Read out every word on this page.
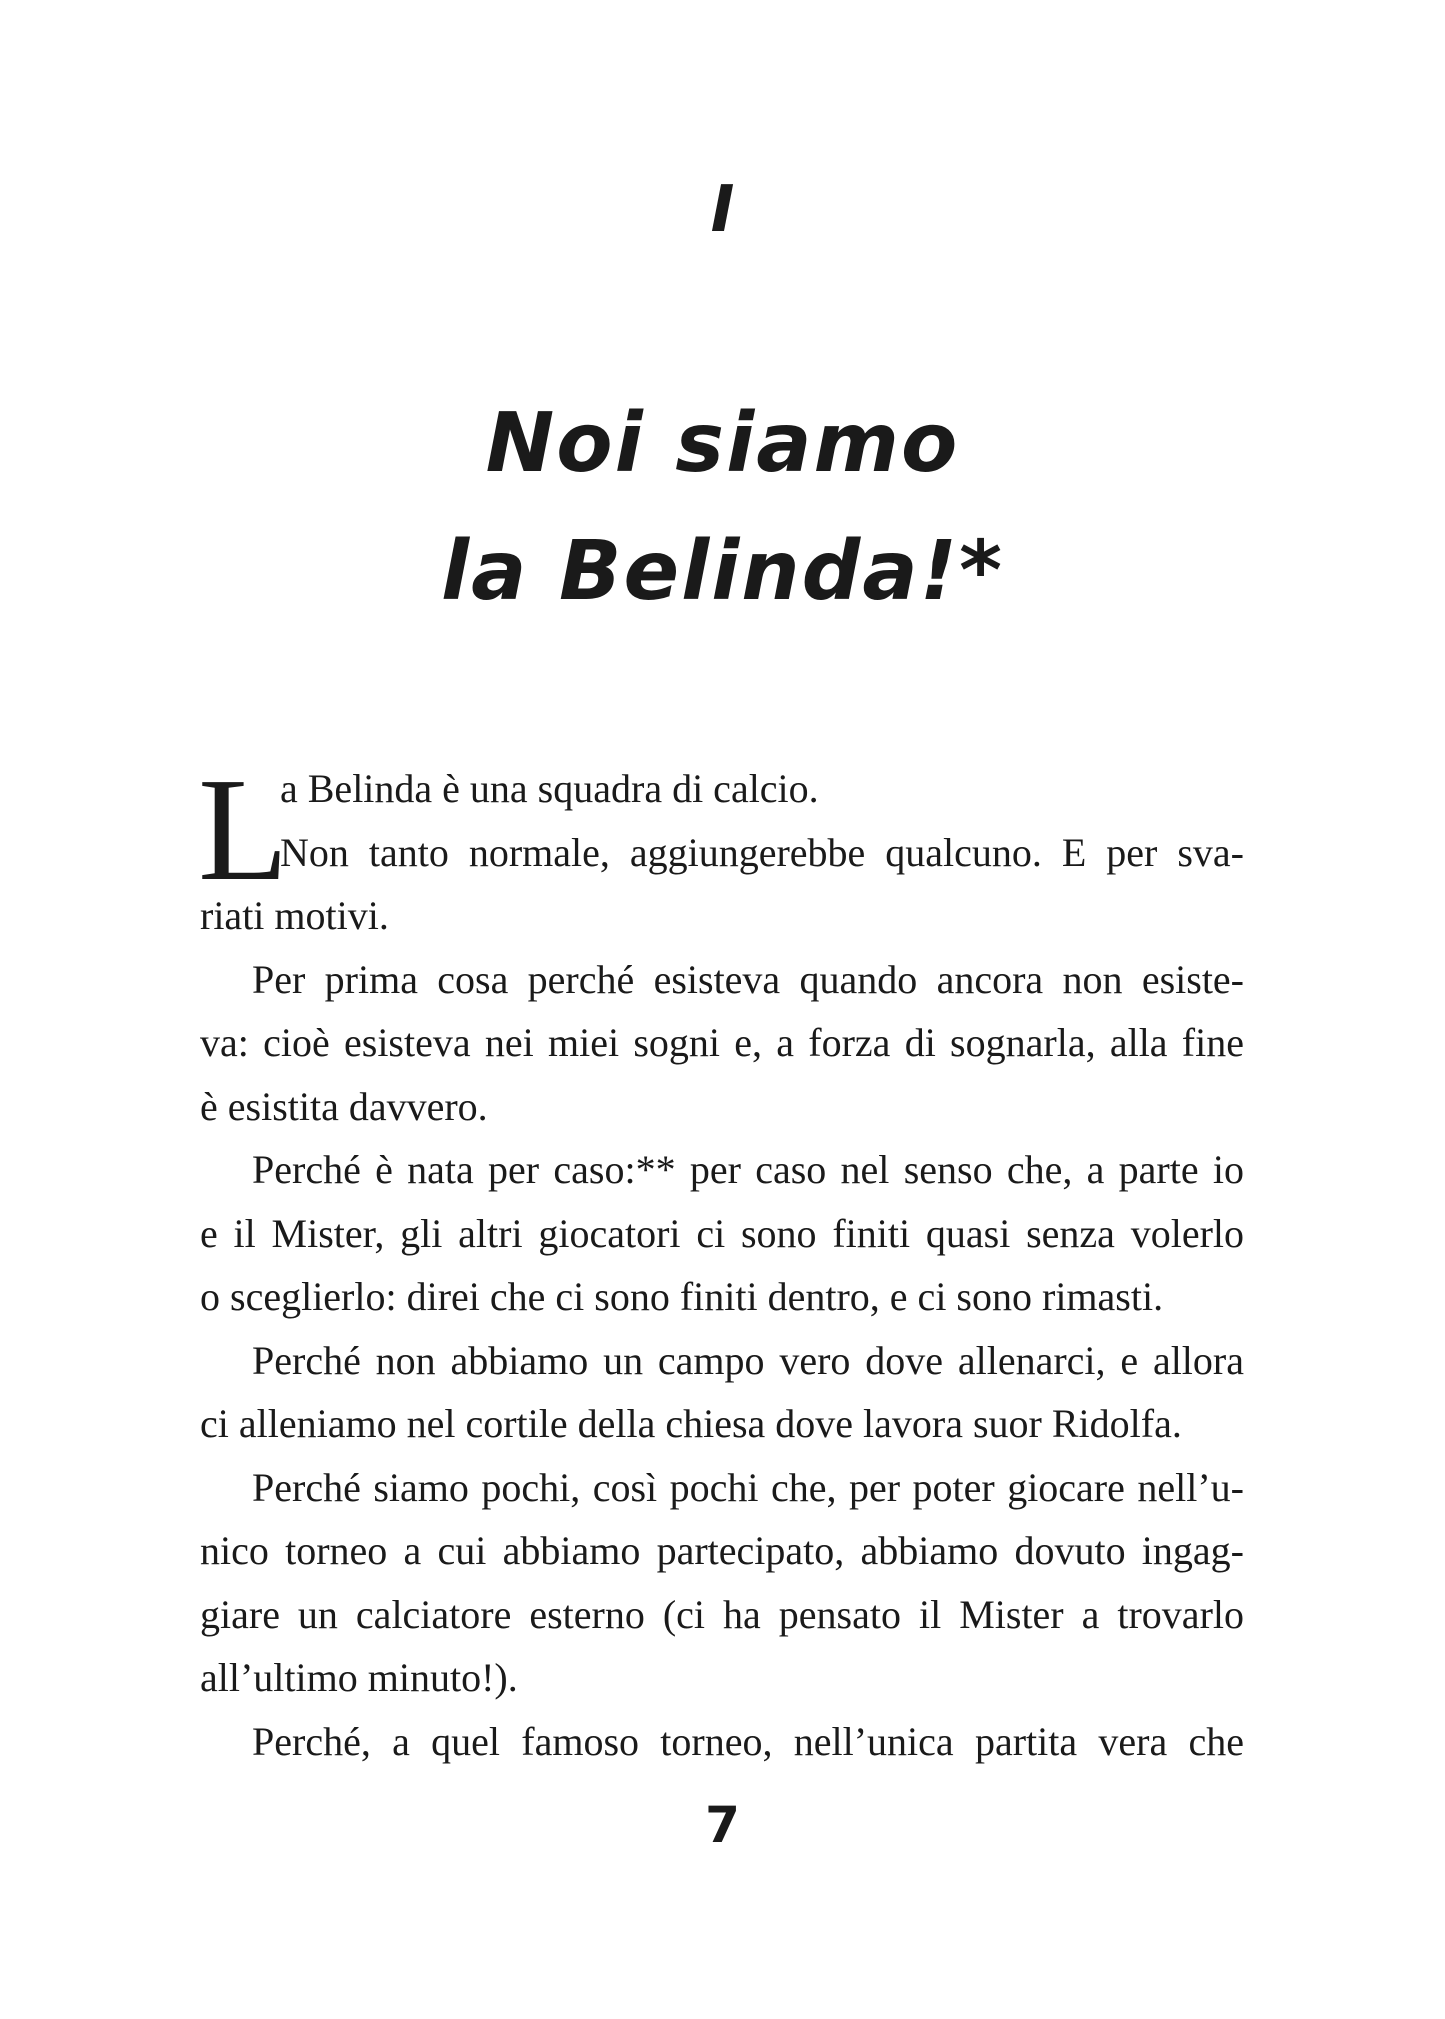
I
Noi siamo
la Belinda!*
L
a Belinda è una squadra di calcio.
Non tanto normale, aggiungerebbe qualcuno. E per sva-
riati motivi.
Per prima cosa perché esisteva quando ancora non esiste-
va: cioè esisteva nei miei sogni e, a forza di sognarla, alla fine
è esistita davvero.
Perché è nata per caso:** per caso nel senso che, a parte io
e il Mister, gli altri giocatori ci sono finiti quasi senza volerlo
o sceglierlo: direi che ci sono finiti dentro, e ci sono rimasti.
Perché non abbiamo un campo vero dove allenarci, e allora
ci alleniamo nel cortile della chiesa dove lavora suor Ridolfa.
Perché siamo pochi, così pochi che, per poter giocare nell’u-
nico torneo a cui abbiamo partecipato, abbiamo dovuto ingag-
giare un calciatore esterno (ci ha pensato il Mister a trovarlo
all’ultimo minuto!).
Perché, a quel famoso torneo, nell’unica partita vera che
7
